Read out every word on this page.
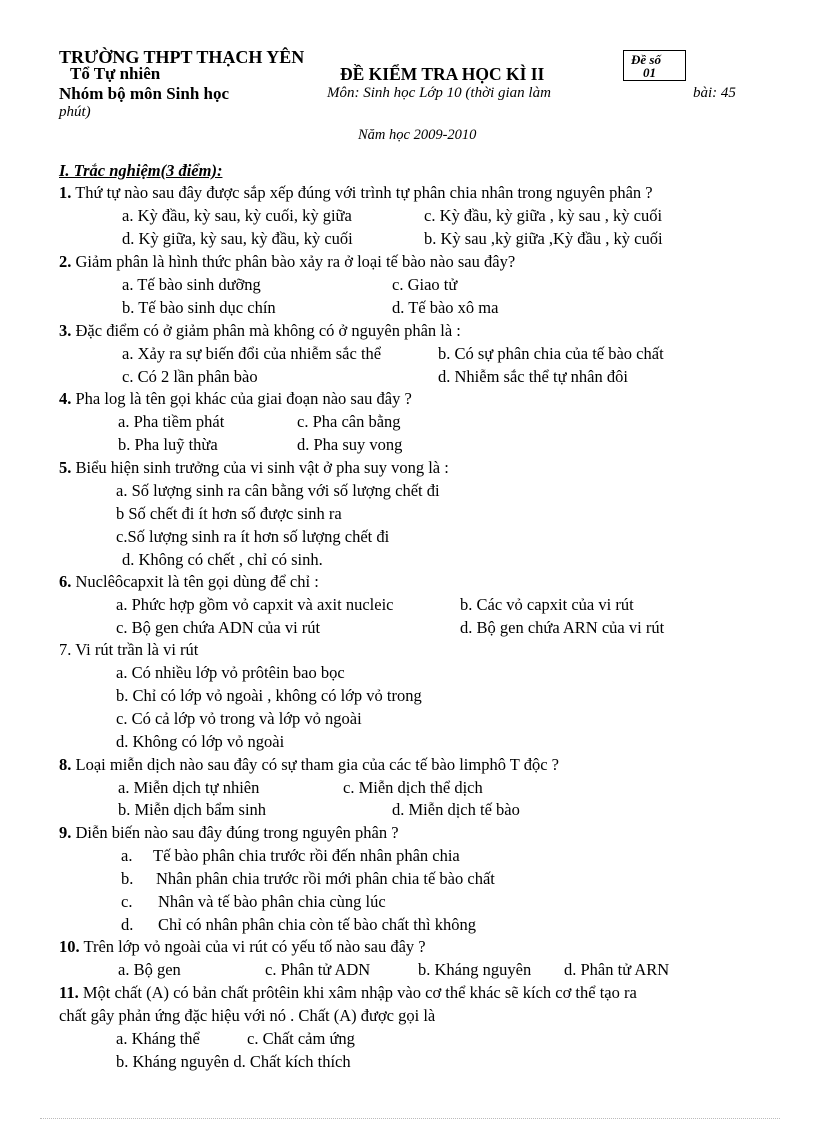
TRƯỜNG THPT THẠCH YÊN
Tổ Tự nhiên
Nhóm bộ môn Sinh học
ĐỀ KIỂM TRA HỌC KÌ II
Môn: Sinh học Lớp 10 (thời gian làm	bài: 45
phút)
Năm học 2009-2010
Đề số
01
I. Trắc nghiệm(3 điểm):
1. Thứ tự nào sau đây được sắp xếp đúng với trình tự phân chia nhân trong nguyên phân ?
a. Kỳ đầu, kỳ sau, kỳ cuối, kỳ giữa	c. Kỳ đầu, kỳ giữa , kỳ sau , kỳ cuối
d. Kỳ giữa, kỳ sau, kỳ đầu, kỳ cuối	b. Kỳ sau ,kỳ giữa ,Kỳ đầu , kỳ cuối
2. Giảm phân là hình thức phân bào xảy ra ở loại tế bào nào sau đây?
a. Tế bào sinh dưỡng	c. Giao tử
b. Tế bào sinh dục chín	d. Tế bào xô ma
3. Đặc điểm có ở giảm phân mà không có ở nguyên phân là :
a. Xảy ra sự biến đổi của nhiễm sắc thể	b. Có sự phân chia của tế bào chất
c. Có 2 lần phân bào	d. Nhiễm sắc thể tự nhân đôi
4. Pha log là tên gọi khác của giai đoạn nào sau đây ?
a. Pha tiềm phát	c. Pha cân bằng
b. Pha luỹ thừa	d. Pha suy vong
5. Biểu hiện sinh trưởng của vi sinh vật ở pha suy vong là :
a. Số lượng sinh ra cân bằng với số lượng chết đi
b Số chết đi ít hơn số được sinh ra
c.Số lượng sinh ra ít hơn số lượng chết đi
d. Không có chết , chỉ có sinh.
6. Nuclêôcapxit là tên gọi dùng để chỉ :
a. Phức hợp gồm vỏ capxit và axit nucleic	b. Các vỏ capxit của vi rút
c. Bộ gen chứa ADN của vi rút	d. Bộ gen chứa ARN của vi rút
7. Vi rút trần là vi rút
a. Có nhiều lớp vỏ prôtêin bao bọc
b. Chỉ có lớp vỏ ngoài , không có lớp vỏ trong
c. Có cả lớp vỏ trong và lớp vỏ ngoài
d. Không có lớp vỏ ngoài
8. Loại miễn dịch nào sau đây có sự tham gia của các tế bào limphô T độc ?
a. Miễn dịch tự nhiên	c. Miễn dịch thể dịch
b. Miễn dịch bẩm sinh	d. Miễn dịch tế bào
9. Diễn biến nào sau đây đúng trong nguyên phân ?
a. Tế bào phân chia trước rồi đến nhân phân chia
b. Nhân phân chia trước rồi mới phân chia tế bào chất
c. Nhân và tế bào phân chia cùng lúc
d. Chỉ có nhân phân chia còn tế bào chất thì không
10. Trên lớp vỏ ngoài của vi rút có yếu tố nào sau đây ?
a. Bộ gen	c. Phân tử ADN	b. Kháng nguyên d. Phân tử ARN
11. Một chất (A) có bản chất prôtêin khi xâm nhập vào cơ thể khác sẽ kích cơ thể tạo ra
chất gây phản ứng đặc hiệu với nó . Chất (A) được gọi là
a. Kháng thể	c. Chất cảm ứng
b. Kháng nguyên d. Chất kích thích
